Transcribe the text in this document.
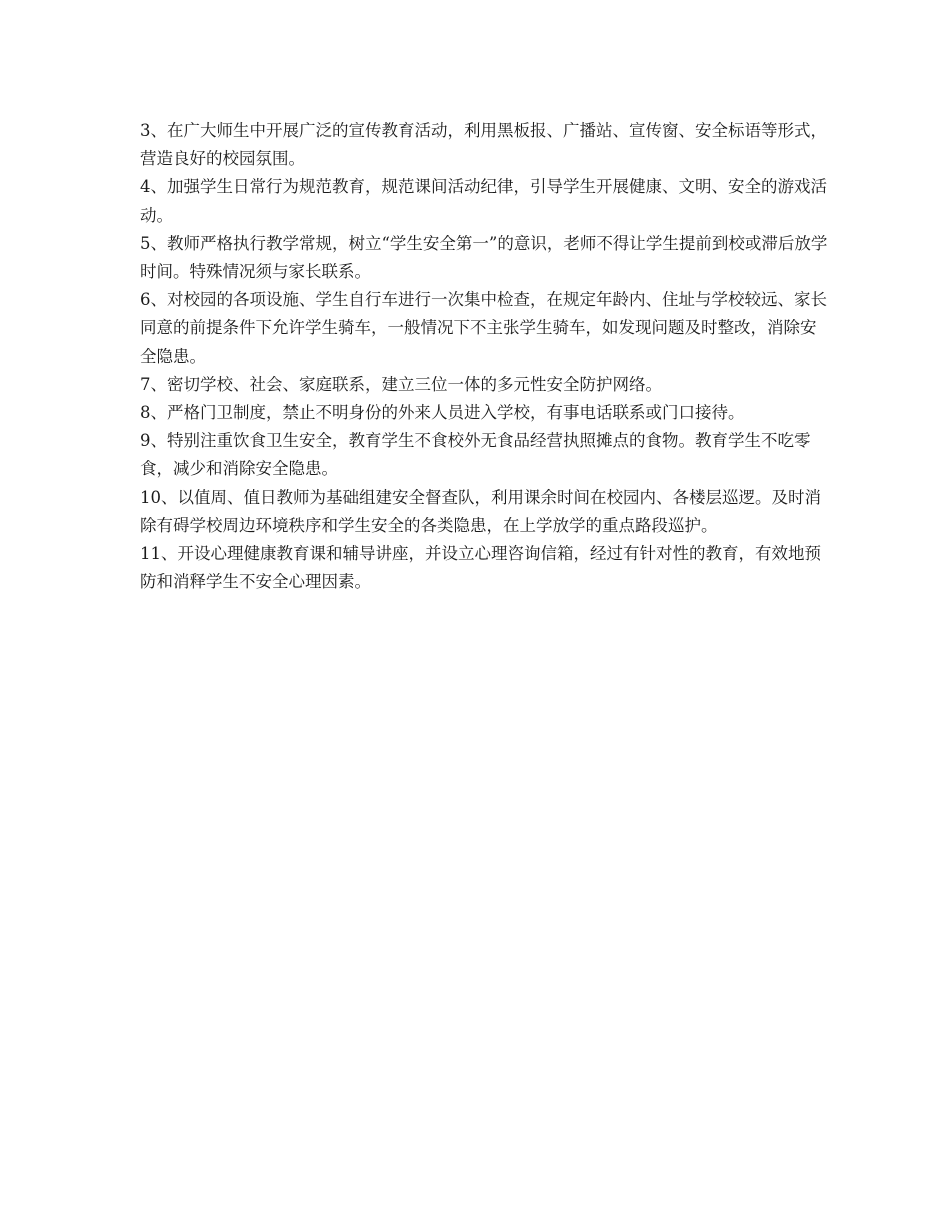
3、在广大师生中开展广泛的宣传教育活动，利用黑板报、广播站、宣传窗、安全标语等形式，营造良好的校园氛围。

4、加强学生日常行为规范教育，规范课间活动纪律，引导学生开展健康、文明、安全的游戏活动。

5、教师严格执行教学常规，树立“学生安全第一”的意识，老师不得让学生提前到校或滞后放学时间。特殊情况须与家长联系。

6、对校园的各项设施、学生自行车进行一次集中检查，在规定年龄内、住址与学校较远、家长同意的前提条件下允许学生骑车，一般情况下不主张学生骑车，如发现问题及时整改，消除安全隐患。

7、密切学校、社会、家庭联系，建立三位一体的多元性安全防护网络。

8、严格门卫制度，禁止不明身份的外来人员进入学校，有事电话联系或门口接待。

9、特别注重饮食卫生安全，教育学生不食校外无食品经营执照摊点的食物。教育学生不吃零食，减少和消除安全隐患。

10、以值周、值日教师为基础组建安全督查队，利用课余时间在校园内、各楼层巡逻。及时消除有碍学校周边环境秩序和学生安全的各类隐患，在上学放学的重点路段巡护。

11、开设心理健康教育课和辅导讲座，并设立心理咨询信箱，经过有针对性的教育，有效地预防和消释学生不安全心理因素。
